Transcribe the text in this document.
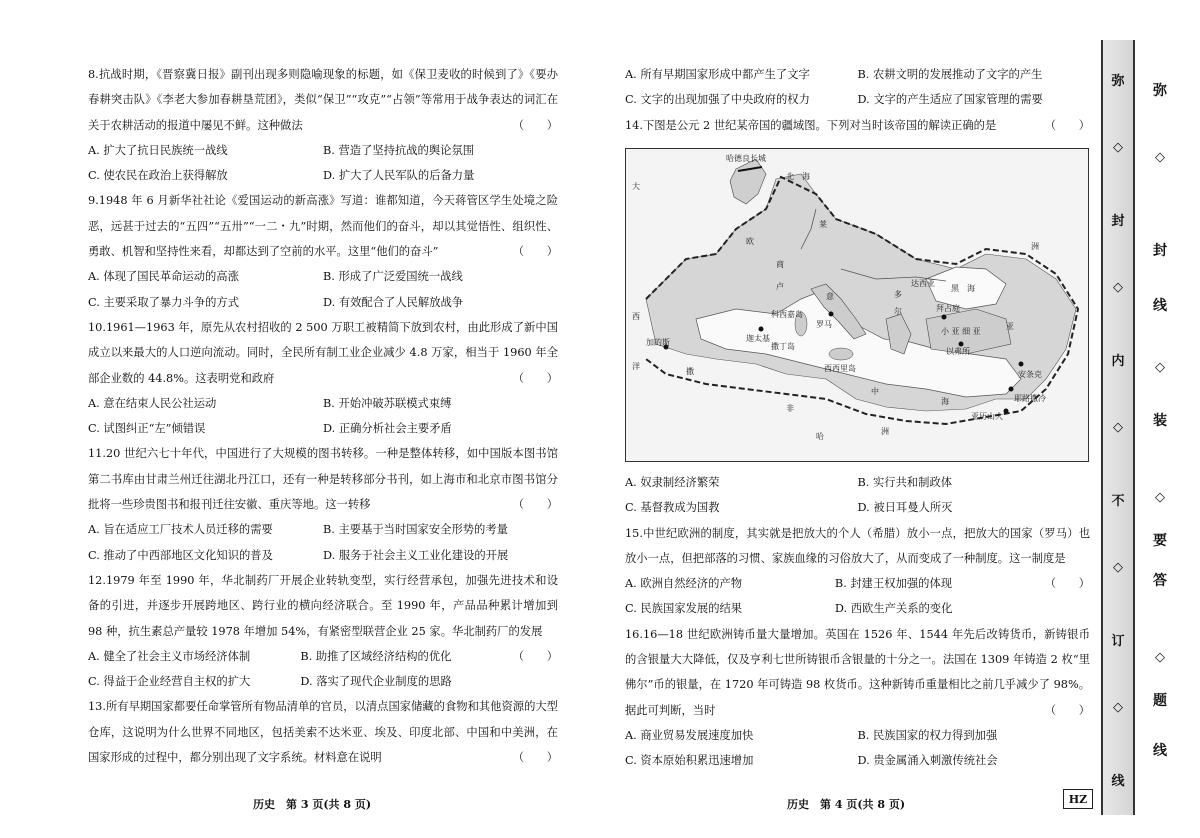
8.抗战时期，《晋察冀日报》副刊出现多则隐喻现象的标题，如《保卫麦收的时候到了》《要办春耕突击队》《李老大参加春耕垦荒团》，类似“保卫”“攻克”“占领”等常用于战争表达的词汇在关于农耕活动的报道中屡见不鲜。这种做法	（　　）

A. 扩大了抗日民族统一战线	B. 营造了坚持抗战的舆论氛围
C. 使农民在政治上获得解放	D. 扩大了人民军队的后备力量

9.1948 年 6 月新华社社论《爱国运动的新高涨》写道：谁都知道，今天蒋管区学生处境之险恶，远甚于过去的“五四”“五卅”“一二・九”时期，然而他们的奋斗，却以其觉悟性、组织性、勇敢、机智和坚持性来看，却都达到了空前的水平。这里“他们的奋斗”	（　　）

A. 体现了国民革命运动的高涨	B. 形成了广泛爱国统一战线
C. 主要采取了暴力斗争的方式	D. 有效配合了人民解放战争

10.1961—1963 年，原先从农村招收的 2 500 万职工被精简下放到农村，由此形成了新中国成立以来最大的人口逆向流动。同时，全民所有制工业企业减少 4.8 万家，相当于 1960 年全部企业数的 44.8%。这表明党和政府	（　　）

A. 意在结束人民公社运动	B. 开始冲破苏联模式束缚
C. 试图纠正“左”倾错误	D. 正确分析社会主要矛盾

11.20 世纪六七十年代，中国进行了大规模的图书转移。一种是整体转移，如中国版本图书馆第二书库由甘肃兰州迁往湖北丹江口，还有一种是转移部分书刊，如上海市和北京市图书馆分批将一些珍贵图书和报刊迁往安徽、重庆等地。这一转移	（　　）

A. 旨在适应工厂技术人员迁移的需要	B. 主要基于当时国家安全形势的考量
C. 推动了中西部地区文化知识的普及	D. 服务于社会主义工业化建设的开展

12.1979 年至 1990 年，华北制药厂开展企业转轨变型，实行经营承包，加强先进技术和设备的引进，并逐步开展跨地区、跨行业的横向经济联合。至 1990 年，产品品种累计增加到 98 种，抗生素总产量较 1978 年增加 54%，有紧密型联营企业 25 家。华北制药厂的发展
（　　）

A. 健全了社会主义市场经济体制	B. 助推了区域经济结构的优化
C. 得益于企业经营自主权的扩大	D. 落实了现代企业制度的思路

13.所有早期国家都要任命掌管所有物品清单的官员，以清点国家储藏的食物和其他资源的大型仓库，这说明为什么世界不同地区，包括美索不达米亚、埃及、印度北部、中国和中美洲，在国家形成的过程中，都分别出现了文字系统。材料意在说明	（　　）

历史　第 3 页(共 8 页)
A. 所有早期国家形成中都产生了文字	B. 农耕文明的发展推动了文字的产生
C. 文字的出现加强了中央政府的权力	D. 文字的产生适应了国家管理的需要

14.下图是公元 2 世纪某帝国的疆域图。下列对当时该帝国的解读正确的是	（　　）

哈德良长城
北　海
大
西
洋
欧
洲
商
卢
莱
多
达西亚
黑　海
迦太基
西西里岛
撒丁岛
科西嘉岛
罗马
意
尔	拜占庭
小 亚 细 亚
以弗所
亚
中
海
非
洲
安条克
耶路撒冷
亚历山大
加的斯
撒
哈
A. 奴隶制经济繁荣	B. 实行共和制政体
C. 基督教成为国教	D. 被日耳曼人所灭

15.中世纪欧洲的制度，其实就是把放大的个人（希腊）放小一点，把放大的国家（罗马）也放小一点，但把部落的习惯、家族血缘的习俗放大了，从而变成了一种制度。这一制度是
（　　）

A. 欧洲自然经济的产物	B. 封建王权加强的体现
C. 民族国家发展的结果	D. 西欧生产关系的变化

16.16—18 世纪欧洲铸币量大量增加。英国在 1526 年、1544 年先后改铸货币，新铸银币的含银量大大降低，仅及亨利七世所铸银币含银量的十分之一。法国在 1309 年铸造 2 枚“里佛尔”币的银量，在 1720 年可铸造 98 枚货币。这种新铸币重量相比之前几乎减少了 98%。据此可判断，当时	（　　）

A. 商业贸易发展速度加快	B. 民族国家的权力得到加强
C. 资本原始积累迅速增加	D. 贵金属涌入刺激传统社会
历史　第 4 页(共 8 页)	HZ
弥
◇
封
◇
内
◇
不
◇
订
◇
线
弥
◇
封
线
◇
装
◇
要
答
◇
题
线
